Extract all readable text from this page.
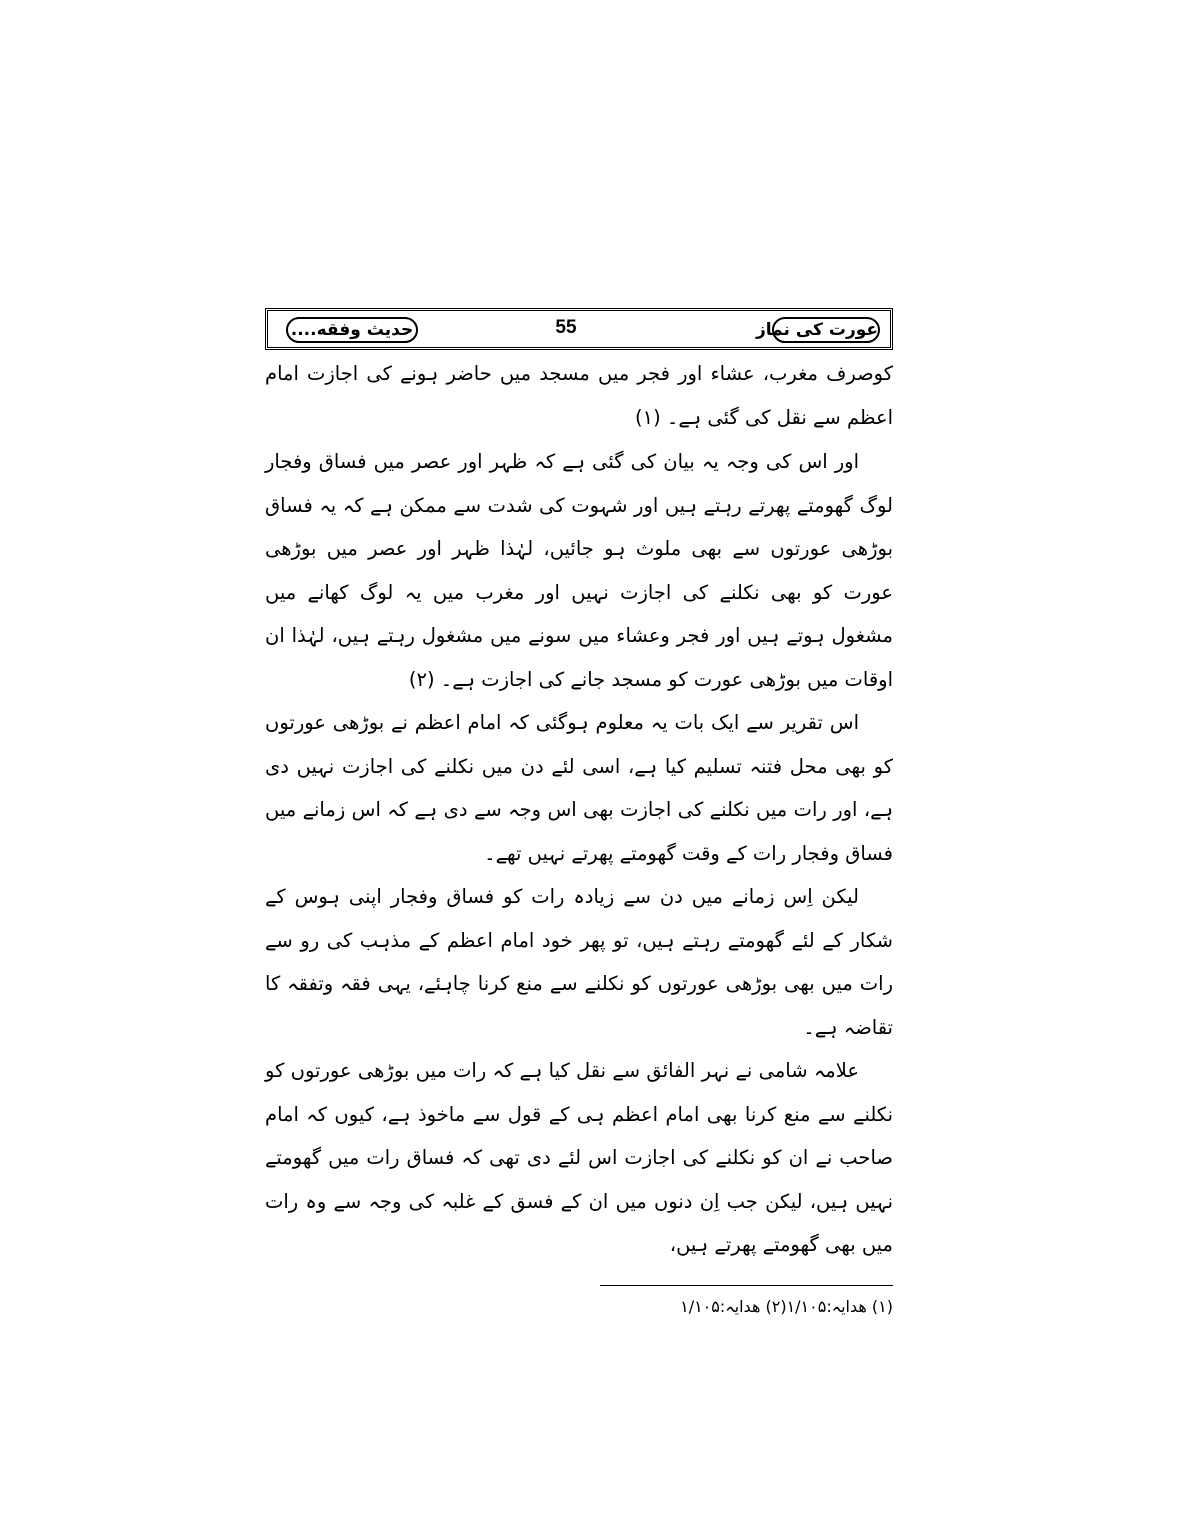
عورت کی نماز
55
حدیث وفقه....

کوصرف مغرب، عشاء اور فجر میں مسجد میں حاضر ہونے کی اجازت امام اعظم سے نقل کی گئی ہے۔ (۱)

اور اس کی وجہ یہ بیان کی گئی ہے کہ ظہر اور عصر میں فساق وفجار لوگ گھومتے پھرتے رہتے ہیں اور شہوت کی شدت سے ممکن ہے کہ یہ فساق بوڑھی عورتوں سے بھی ملوث ہو جائیں، لہٰذا ظہر اور عصر میں بوڑھی عورت کو بھی نکلنے کی اجازت نہیں اور مغرب میں یہ لوگ کھانے میں مشغول ہوتے ہیں اور فجر وعشاء میں سونے میں مشغول رہتے ہیں، لہٰذا ان اوقات میں بوڑھی عورت کو مسجد جانے کی اجازت ہے۔ (۲)

اس تقریر سے ایک بات یہ معلوم ہوگئی کہ امام اعظم نے بوڑھی عورتوں کو بھی محل فتنہ تسلیم کیا ہے، اسی لئے دن میں نکلنے کی اجازت نہیں دی ہے، اور رات میں نکلنے کی اجازت بھی اس وجہ سے دی ہے کہ اس زمانے میں فساق وفجار رات کے وقت گھومتے پھرتے نہیں تھے۔

لیکن اِس زمانے میں دن سے زیادہ رات کو فساق وفجار اپنی ہوس کے شکار کے لئے گھومتے رہتے ہیں، تو پھر خود امام اعظم کے مذہب کی رو سے رات میں بھی بوڑھی عورتوں کو نکلنے سے منع کرنا چاہئے، یہی فقہ وتفقہ کا تقاضہ ہے۔

علامہ شامی نے نہر الفائق سے نقل کیا ہے کہ رات میں بوڑھی عورتوں کو نکلنے سے منع کرنا بھی امام اعظم ہی کے قول سے ماخوذ ہے، کیوں کہ امام صاحب نے ان کو نکلنے کی اجازت اس لئے دی تھی کہ فساق رات میں گھومتے نہیں ہیں، لیکن جب اِن دنوں میں ان کے فسق کے غلبہ کی وجہ سے وہ رات میں بھی گھومتے پھرتے ہیں،

(۱) هدایہ:۱/۱۰۵(۲) هدایہ:۱/۱۰۵
